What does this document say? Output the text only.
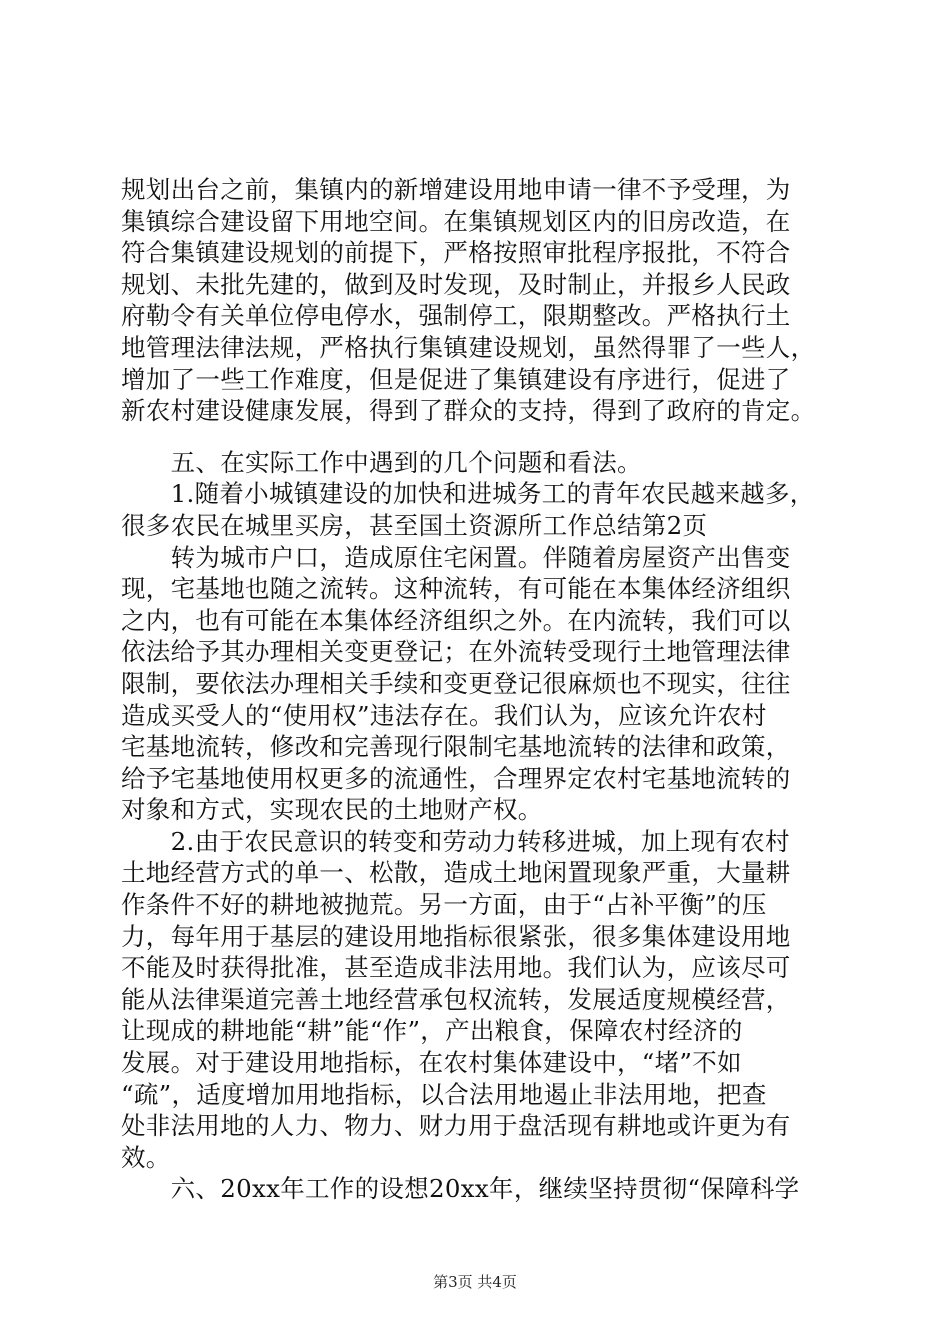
规划出台之前，集镇内的新增建设用地申请一律不予受理，为
集镇综合建设留下用地空间。在集镇规划区内的旧房改造，在
符合集镇建设规划的前提下，严格按照审批程序报批，不符合
规划、未批先建的，做到及时发现，及时制止，并报乡人民政
府勒令有关单位停电停水，强制停工，限期整改。严格执行土
地管理法律法规，严格执行集镇建设规划，虽然得罪了一些人，
增加了一些工作难度，但是促进了集镇建设有序进行，促进了
新农村建设健康发展，得到了群众的支持，得到了政府的肯定。
　　五、在实际工作中遇到的几个问题和看法。
　　1.随着小城镇建设的加快和进城务工的青年农民越来越多，
很多农民在城里买房，甚至国土资源所工作总结第2页
　　转为城市户口，造成原住宅闲置。伴随着房屋资产出售变
现，宅基地也随之流转。这种流转，有可能在本集体经济组织
之内，也有可能在本集体经济组织之外。在内流转，我们可以
依法给予其办理相关变更登记；在外流转受现行土地管理法律
限制，要依法办理相关手续和变更登记很麻烦也不现实，往往
造成买受人的“使用权”违法存在。我们认为，应该允许农村
宅基地流转，修改和完善现行限制宅基地流转的法律和政策，
给予宅基地使用权更多的流通性，合理界定农村宅基地流转的
对象和方式，实现农民的土地财产权。
　　2.由于农民意识的转变和劳动力转移进城，加上现有农村
土地经营方式的单一、松散，造成土地闲置现象严重，大量耕
作条件不好的耕地被抛荒。另一方面，由于“占补平衡”的压
力，每年用于基层的建设用地指标很紧张，很多集体建设用地
不能及时获得批准，甚至造成非法用地。我们认为，应该尽可
能从法律渠道完善土地经营承包权流转，发展适度规模经营，
让现成的耕地能“耕”能“作”，产出粮食，保障农村经济的
发展。对于建设用地指标，在农村集体建设中，“堵”不如
“疏”，适度增加用地指标，以合法用地遏止非法用地，把查
处非法用地的人力、物力、财力用于盘活现有耕地或许更为有
效。
　　六、20xx年工作的设想20xx年，继续坚持贯彻“保障科学
第3页 共4页
